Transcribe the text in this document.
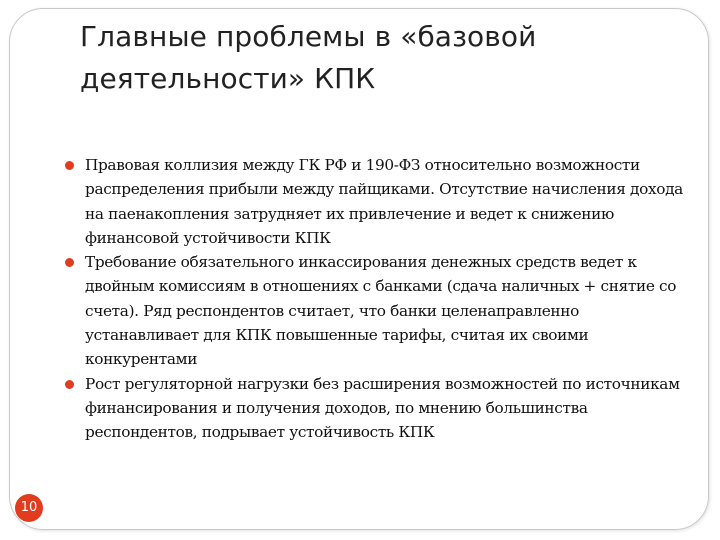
Главные проблемы в «базовой деятельности» КПК
Правовая коллизия между ГК РФ и 190-ФЗ относительно возможности распределения прибыли между пайщиками. Отсутствие начисления дохода на паенакопления затрудняет их привлечение и ведет к снижению финансовой устойчивости КПК
Требование обязательного инкассирования денежных средств ведет к двойным комиссиям в отношениях с банками (сдача наличных + снятие со счета). Ряд респондентов считает, что банки целенаправленно устанавливает для КПК повышенные тарифы, считая их своими конкурентами
Рост регуляторной нагрузки без расширения возможностей по источникам финансирования и получения доходов, по мнению большинства респондентов, подрывает устойчивость КПК
10
